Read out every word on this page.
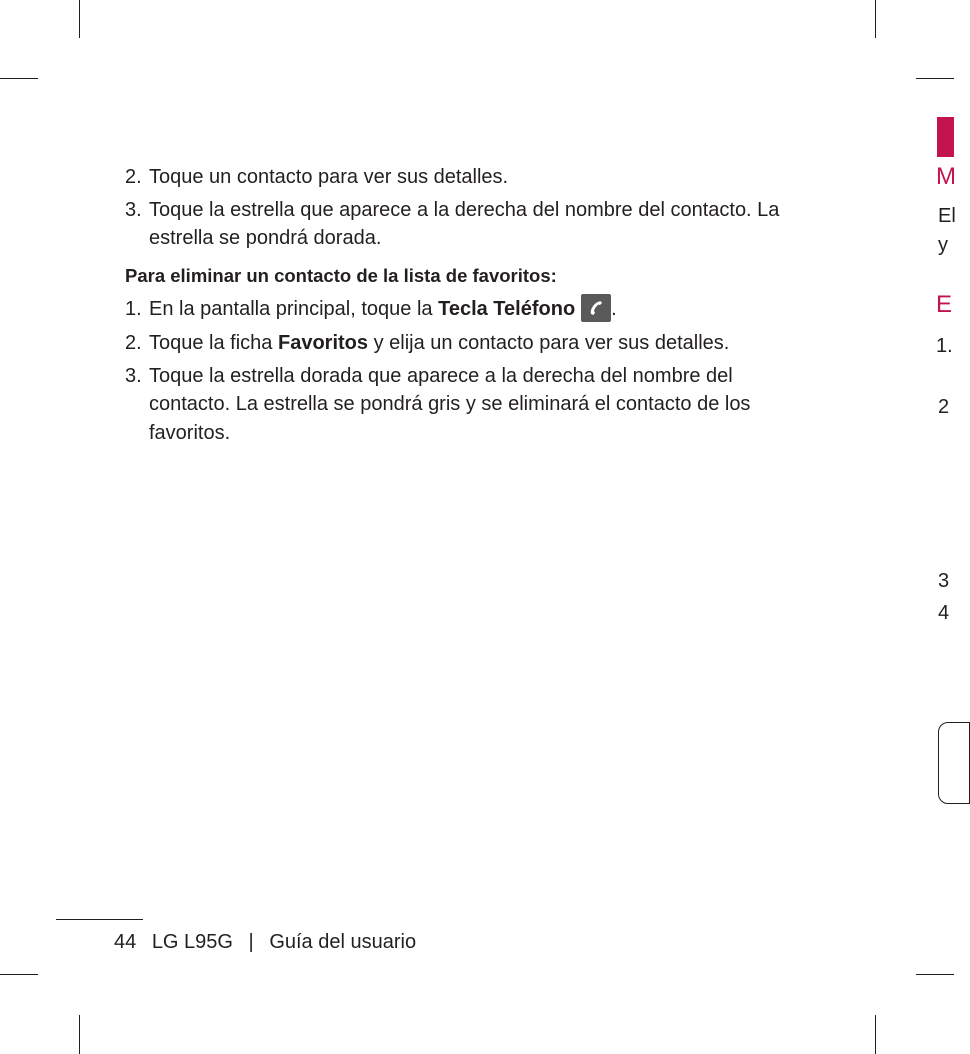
2. Toque un contacto para ver sus detalles.
3. Toque la estrella que aparece a la derecha del nombre del contacto. La
estrella se pondrá dorada.
Para eliminar un contacto de la lista de favoritos:
1. En la pantalla principal, toque la Tecla Teléfono .
2. Toque la ficha Favoritos y elija un contacto para ver sus detalles.
3. Toque la estrella dorada que aparece a la derecha del nombre del
contacto. La estrella se pondrá gris y se eliminará el contacto de los
favoritos.
44 LG L95G | Guía del usuario
M
El
y
E
1.
2
3
4
